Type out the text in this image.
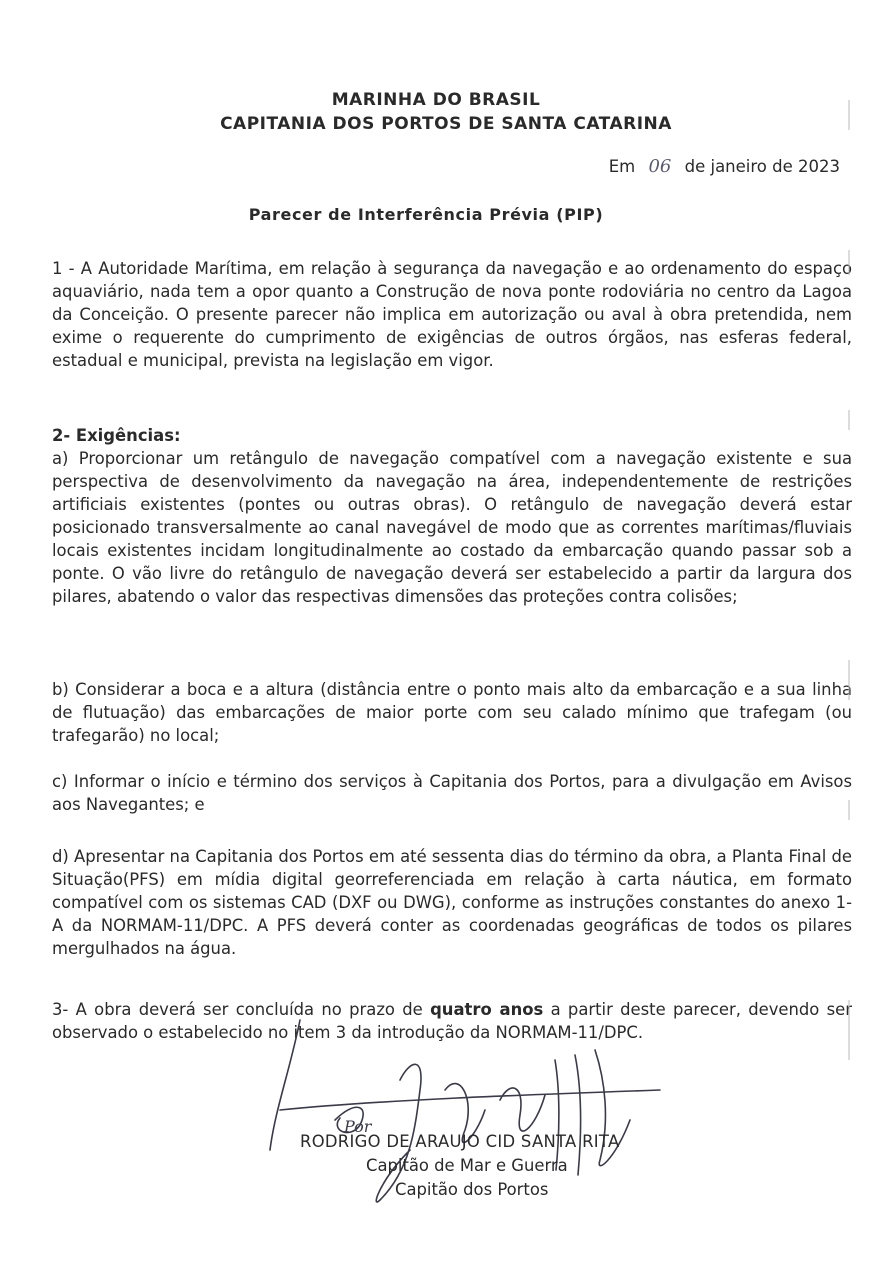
MARINHA DO BRASIL
CAPITANIA DOS PORTOS DE SANTA CATARINA
Em 06 de janeiro de 2023
Parecer de Interferência Prévia (PIP)
1 - A Autoridade Marítima, em relação à segurança da navegação e ao ordenamento do espaço aquaviário, nada tem a opor quanto a Construção de nova ponte rodoviária no centro da Lagoa da Conceição. O presente parecer não implica em autorização ou aval à obra pretendida, nem exime o requerente do cumprimento de exigências de outros órgãos, nas esferas federal, estadual e municipal, prevista na legislação em vigor.
2- Exigências:
a) Proporcionar um retângulo de navegação compatível com a navegação existente e sua perspectiva de desenvolvimento da navegação na área, independentemente de restrições artificiais existentes (pontes ou outras obras). O retângulo de navegação deverá estar posicionado transversalmente ao canal navegável de modo que as correntes marítimas/fluviais locais existentes incidam longitudinalmente ao costado da embarcação quando passar sob a ponte. O vão livre do retângulo de navegação deverá ser estabelecido a partir da largura dos pilares, abatendo o valor das respectivas dimensões das proteções contra colisões;
b) Considerar a boca e a altura (distância entre o ponto mais alto da embarcação e a sua linha de flutuação) das embarcações de maior porte com seu calado mínimo que trafegam (ou trafegarão) no local;
c) Informar o início e término dos serviços à Capitania dos Portos, para a divulgação em Avisos aos Navegantes; e
d) Apresentar na Capitania dos Portos em até sessenta dias do término da obra, a Planta Final de Situação(PFS) em mídia digital georreferenciada em relação à carta náutica, em formato compatível com os sistemas CAD (DXF ou DWG), conforme as instruções constantes do anexo 1-A da NORMAM-11/DPC. A PFS deverá conter as coordenadas geográficas de todos os pilares mergulhados na água.
3- A obra deverá ser concluída no prazo de quatro anos a partir deste parecer, devendo ser observado o estabelecido no item 3 da introdução da NORMAM-11/DPC.
Por
RODRIGO DE ARAUJO CID SANTA RITA
Capitão de Mar e Guerra
Capitão dos Portos
